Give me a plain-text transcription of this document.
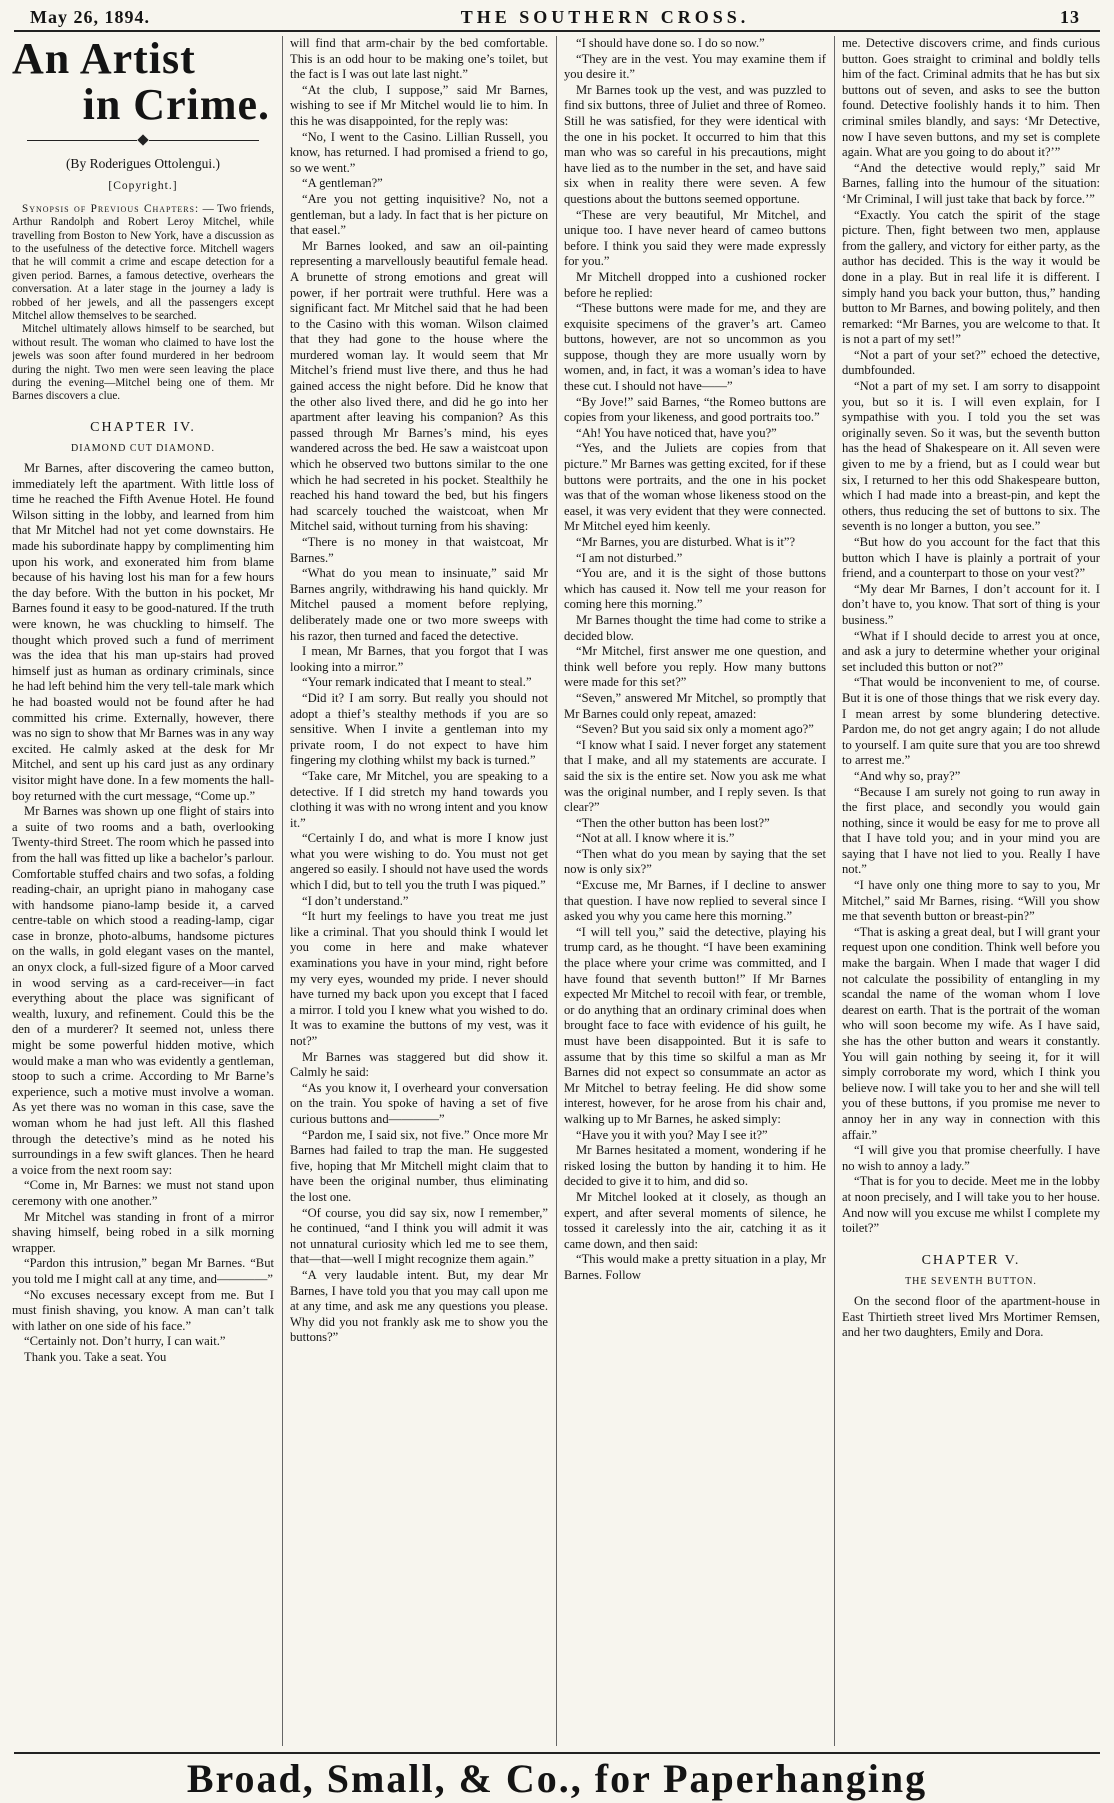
May 26, 1894.	THE SOUTHERN CROSS.	13
An Artist
in Crime.
(By Roderigues Ottolengui.)
[Copyright.]

Synopsis of Previous Chapters: — Two friends, Arthur Randolph and Robert Leroy Mitchel, while travelling from Boston to New York, have a discussion as to the usefulness of the detective force. Mitchell wagers that he will commit a crime and escape detection for a given period. Barnes, a famous detective, overhears the conversation. At a later stage in the journey a lady is robbed of her jewels, and all the passengers except Mitchel allow themselves to be searched.

Mitchel ultimately allows himself to be searched, but without result. The woman who claimed to have lost the jewels was soon after found murdered in her bedroom during the night. Two men were seen leaving the place during the evening—Mitchel being one of them. Mr Barnes discovers a clue.

CHAPTER IV.
DIAMOND CUT DIAMOND.

Mr Barnes, after discovering the cameo button, immediately left the apartment. With little loss of time he reached the Fifth Avenue Hotel. He found Wilson sitting in the lobby, and learned from him that Mr Mitchel had not yet come downstairs. He made his subordinate happy by complimenting him upon his work, and exonerated him from blame because of his having lost his man for a few hours the day before. With the button in his pocket, Mr Barnes found it easy to be good-natured. If the truth were known, he was chuckling to himself. The thought which proved such a fund of merriment was the idea that his man up-stairs had proved himself just as human as ordinary criminals, since he had left behind him the very tell-tale mark which he had boasted would not be found after he had committed his crime. Externally, however, there was no sign to show that Mr Barnes was in any way excited. He calmly asked at the desk for Mr Mitchel, and sent up his card just as any ordinary visitor might have done. In a few moments the hall-boy returned with the curt message, “Come up.”

Mr Barnes was shown up one flight of stairs into a suite of two rooms and a bath, overlooking Twenty-third Street. The room which he passed into from the hall was fitted up like a bachelor’s parlour. Comfortable stuffed chairs and two sofas, a folding reading-chair, an upright piano in mahogany case with handsome piano-lamp beside it, a carved centre-table on which stood a reading-lamp, cigar case in bronze, photo-albums, handsome pictures on the walls, in gold elegant vases on the mantel, an onyx clock, a full-sized figure of a Moor carved in wood serving as a card-receiver—in fact everything about the place was significant of wealth, luxury, and refinement. Could this be the den of a murderer? It seemed not, unless there might be some powerful hidden motive, which would make a man who was evidently a gentleman, stoop to such a crime. According to Mr Barne’s experience, such a motive must involve a woman. As yet there was no woman in this case, save the woman whom he had just left. All this flashed through the detective’s mind as he noted his surroundings in a few swift glances. Then he heard a voice from the next room say:

“Come in, Mr Barnes: we must not stand upon ceremony with one another.”

Mr Mitchel was standing in front of a mirror shaving himself, being robed in a silk morning wrapper.

“Pardon this intrusion,” began Mr Barnes. “But you told me I might call at any time, and————”

“No excuses necessary except from me. But I must finish shaving, you know. A man can’t talk with lather on one side of his face.”

“Certainly not. Don’t hurry, I can wait.”

Thank you. Take a seat. You

will find that arm-chair by the bed comfortable. This is an odd hour to be making one’s toilet, but the fact is I was out late last night.”

“At the club, I suppose,” said Mr Barnes, wishing to see if Mr Mitchel would lie to him. In this he was disappointed, for the reply was:

“No, I went to the Casino. Lillian Russell, you know, has returned. I had promised a friend to go, so we went.”

“A gentleman?”

“Are you not getting inquisitive? No, not a gentleman, but a lady. In fact that is her picture on that easel.”

Mr Barnes looked, and saw an oil-painting representing a marvellously beautiful female head. A brunette of strong emotions and great will power, if her portrait were truthful. Here was a significant fact. Mr Mitchel said that he had been to the Casino with this woman. Wilson claimed that they had gone to the house where the murdered woman lay. It would seem that Mr Mitchel’s friend must live there, and thus he had gained access the night before. Did he know that the other also lived there, and did he go into her apartment after leaving his companion? As this passed through Mr Barnes’s mind, his eyes wandered across the bed. He saw a waistcoat upon which he observed two buttons similar to the one which he had secreted in his pocket. Stealthily he reached his hand toward the bed, but his fingers had scarcely touched the waistcoat, when Mr Mitchel said, without turning from his shaving:

“There is no money in that waistcoat, Mr Barnes.”

“What do you mean to insinuate,” said Mr Barnes angrily, withdrawing his hand quickly. Mr Mitchel paused a moment before replying, deliberately made one or two more sweeps with his razor, then turned and faced the detective.

I mean, Mr Barnes, that you forgot that I was looking into a mirror.”

“Your remark indicated that I meant to steal.”

“Did it? I am sorry. But really you should not adopt a thief’s stealthy methods if you are so sensitive. When I invite a gentleman into my private room, I do not expect to have him fingering my clothing whilst my back is turned.”

“Take care, Mr Mitchel, you are speaking to a detective. If I did stretch my hand towards you clothing it was with no wrong intent and you know it.”

“Certainly I do, and what is more I know just what you were wishing to do. You must not get angered so easily. I should not have used the words which I did, but to tell you the truth I was piqued.”

“I don’t understand.”

“It hurt my feelings to have you treat me just like a criminal. That you should think I would let you come in here and make whatever examinations you have in your mind, right before my very eyes, wounded my pride. I never should have turned my back upon you except that I faced a mirror. I told you I knew what you wished to do. It was to examine the buttons of my vest, was it not?”

Mr Barnes was staggered but did show it. Calmly he said:

“As you know it, I overheard your conversation on the train. You spoke of having a set of five curious buttons and————”

“Pardon me, I said six, not five.” Once more Mr Barnes had failed to trap the man. He suggested five, hoping that Mr Mitchell might claim that to have been the original number, thus eliminating the lost one.

“Of course, you did say six, now I remember,” he continued, “and I think you will admit it was not unnatural curiosity which led me to see them, that—that—well I might recognize them again.”

“A very laudable intent. But, my dear Mr Barnes, I have told you that you may call upon me at any time, and ask me any questions you please. Why did you not frankly ask me to show you the buttons?”

“I should have done so. I do so now.”

“They are in the vest. You may examine them if you desire it.”

Mr Barnes took up the vest, and was puzzled to find six buttons, three of Juliet and three of Romeo. Still he was satisfied, for they were identical with the one in his pocket. It occurred to him that this man who was so careful in his precautions, might have lied as to the number in the set, and have said six when in reality there were seven. A few questions about the buttons seemed opportune.

“These are very beautiful, Mr Mitchel, and unique too. I have never heard of cameo buttons before. I think you said they were made expressly for you.”

Mr Mitchell dropped into a cushioned rocker before he replied:

“These buttons were made for me, and they are exquisite specimens of the graver’s art. Cameo buttons, however, are not so uncommon as you suppose, though they are more usually worn by women, and, in fact, it was a woman’s idea to have these cut. I should not have——”

“By Jove!” said Barnes, “the Romeo buttons are copies from your likeness, and good portraits too.”

“Ah! You have noticed that, have you?”

“Yes, and the Juliets are copies from that picture.” Mr Barnes was getting excited, for if these buttons were portraits, and the one in his pocket was that of the woman whose likeness stood on the easel, it was very evident that they were connected. Mr Mitchel eyed him keenly.

“Mr Barnes, you are disturbed. What is it”?

“I am not disturbed.”

“You are, and it is the sight of those buttons which has caused it. Now tell me your reason for coming here this morning.”

Mr Barnes thought the time had come to strike a decided blow.

“Mr Mitchel, first answer me one question, and think well before you reply. How many buttons were made for this set?”

“Seven,” answered Mr Mitchel, so promptly that Mr Barnes could only repeat, amazed:

“Seven? But you said six only a moment ago?”

“I know what I said. I never forget any statement that I make, and all my statements are accurate. I said the six is the entire set. Now you ask me what was the original number, and I reply seven. Is that clear?”

“Then the other button has been lost?”

“Not at all. I know where it is.”

“Then what do you mean by saying that the set now is only six?”

“Excuse me, Mr Barnes, if I decline to answer that question. I have now replied to several since I asked you why you came here this morning.”

“I will tell you,” said the detective, playing his trump card, as he thought. “I have been examining the place where your crime was committed, and I have found that seventh button!” If Mr Barnes expected Mr Mitchel to recoil with fear, or tremble, or do anything that an ordinary criminal does when brought face to face with evidence of his guilt, he must have been disappointed. But it is safe to assume that by this time so skilful a man as Mr Barnes did not expect so consummate an actor as Mr Mitchel to betray feeling. He did show some interest, however, for he arose from his chair and, walking up to Mr Barnes, he asked simply:

“Have you it with you? May I see it?”

Mr Barnes hesitated a moment, wondering if he risked losing the button by handing it to him. He decided to give it to him, and did so.

Mr Mitchel looked at it closely, as though an expert, and after several moments of silence, he tossed it carelessly into the air, catching it as it came down, and then said:

“This would make a pretty situation in a play, Mr Barnes. Follow

me. Detective discovers crime, and finds curious button. Goes straight to criminal and boldly tells him of the fact. Criminal admits that he has but six buttons out of seven, and asks to see the button found. Detective foolishly hands it to him. Then criminal smiles blandly, and says: ‘Mr Detective, now I have seven buttons, and my set is complete again. What are you going to do about it?’”

“And the detective would reply,” said Mr Barnes, falling into the humour of the situation: ‘Mr Criminal, I will just take that back by force.’”

“Exactly. You catch the spirit of the stage picture. Then, fight between two men, applause from the gallery, and victory for either party, as the author has decided. This is the way it would be done in a play. But in real life it is different. I simply hand you back your button, thus,” handing button to Mr Barnes, and bowing politely, and then remarked: “Mr Barnes, you are welcome to that. It is not a part of my set!”

“Not a part of your set?” echoed the detective, dumbfounded.

“Not a part of my set. I am sorry to disappoint you, but so it is. I will even explain, for I sympathise with you. I told you the set was originally seven. So it was, but the seventh button has the head of Shakespeare on it. All seven were given to me by a friend, but as I could wear but six, I returned to her this odd Shakespeare button, which I had made into a breast-pin, and kept the others, thus reducing the set of buttons to six. The seventh is no longer a button, you see.”

“But how do you account for the fact that this button which I have is plainly a portrait of your friend, and a counterpart to those on your vest?”

“My dear Mr Barnes, I don’t account for it. I don’t have to, you know. That sort of thing is your business.”

“What if I should decide to arrest you at once, and ask a jury to determine whether your original set included this button or not?”

“That would be inconvenient to me, of course. But it is one of those things that we risk every day. I mean arrest by some blundering detective. Pardon me, do not get angry again; I do not allude to yourself. I am quite sure that you are too shrewd to arrest me.”

“And why so, pray?”

“Because I am surely not going to run away in the first place, and secondly you would gain nothing, since it would be easy for me to prove all that I have told you; and in your mind you are saying that I have not lied to you. Really I have not.”

“I have only one thing more to say to you, Mr Mitchel,” said Mr Barnes, rising. “Will you show me that seventh button or breast-pin?”

“That is asking a great deal, but I will grant your request upon one condition. Think well before you make the bargain. When I made that wager I did not calculate the possibility of entangling in my scandal the name of the woman whom I love dearest on earth. That is the portrait of the woman who will soon become my wife. As I have said, she has the other button and wears it constantly. You will gain nothing by seeing it, for it will simply corroborate my word, which I think you believe now. I will take you to her and she will tell you of these buttons, if you promise me never to annoy her in any way in connection with this affair.”

“I will give you that promise cheerfully. I have no wish to annoy a lady.”

“That is for you to decide. Meet me in the lobby at noon precisely, and I will take you to her house. And now will you excuse me whilst I complete my toilet?”

CHAPTER V.
THE SEVENTH BUTTON.

On the second floor of the apartment-house in East Thirtieth street lived Mrs Mortimer Remsen, and her two daughters, Emily and Dora.

Broad, Small, & Co., for Paperhanging
